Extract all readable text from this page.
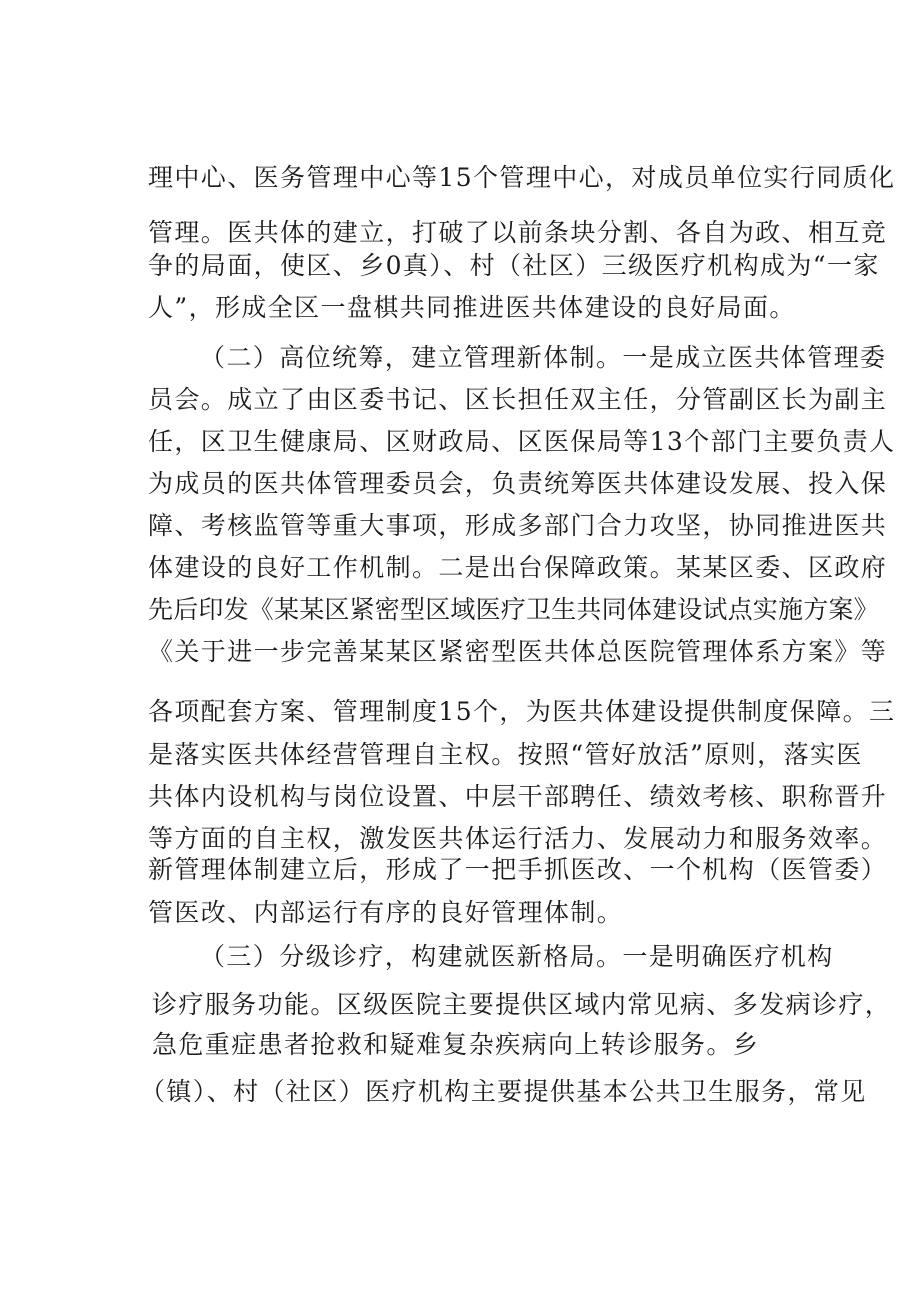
理中心、医务管理中心等15个管理中心，对成员单位实行同质化
管理。医共体的建立，打破了以前条块分割、各自为政、相互竞
争的局面，使区、乡0真）、村（社区）三级医疗机构成为“一家
人”，形成全区一盘棋共同推进医共体建设的良好局面。
（二）高位统筹，建立管理新体制。一是成立医共体管理委
员会。成立了由区委书记、区长担任双主任，分管副区长为副主
任，区卫生健康局、区财政局、区医保局等13个部门主要负责人
为成员的医共体管理委员会，负责统筹医共体建设发展、投入保
障、考核监管等重大事项，形成多部门合力攻坚，协同推进医共
体建设的良好工作机制。二是出台保障政策。某某区委、区政府
先后印发《某某区紧密型区域医疗卫生共同体建设试点实施方案》
《关于进一步完善某某区紧密型医共体总医院管理体系方案》等
各项配套方案、管理制度15个，为医共体建设提供制度保障。三
是落实医共体经营管理自主权。按照“管好放活”原则，落实医
共体内设机构与岗位设置、中层干部聘任、绩效考核、职称晋升
等方面的自主权，激发医共体运行活力、发展动力和服务效率。
新管理体制建立后，形成了一把手抓医改、一个机构（医管委）
管医改、内部运行有序的良好管理体制。
（三）分级诊疗，构建就医新格局。一是明确医疗机构
诊疗服务功能。区级医院主要提供区域内常见病、多发病诊疗，
急危重症患者抢救和疑难复杂疾病向上转诊服务。乡
（镇）、村（社区）医疗机构主要提供基本公共卫生服务，常见
